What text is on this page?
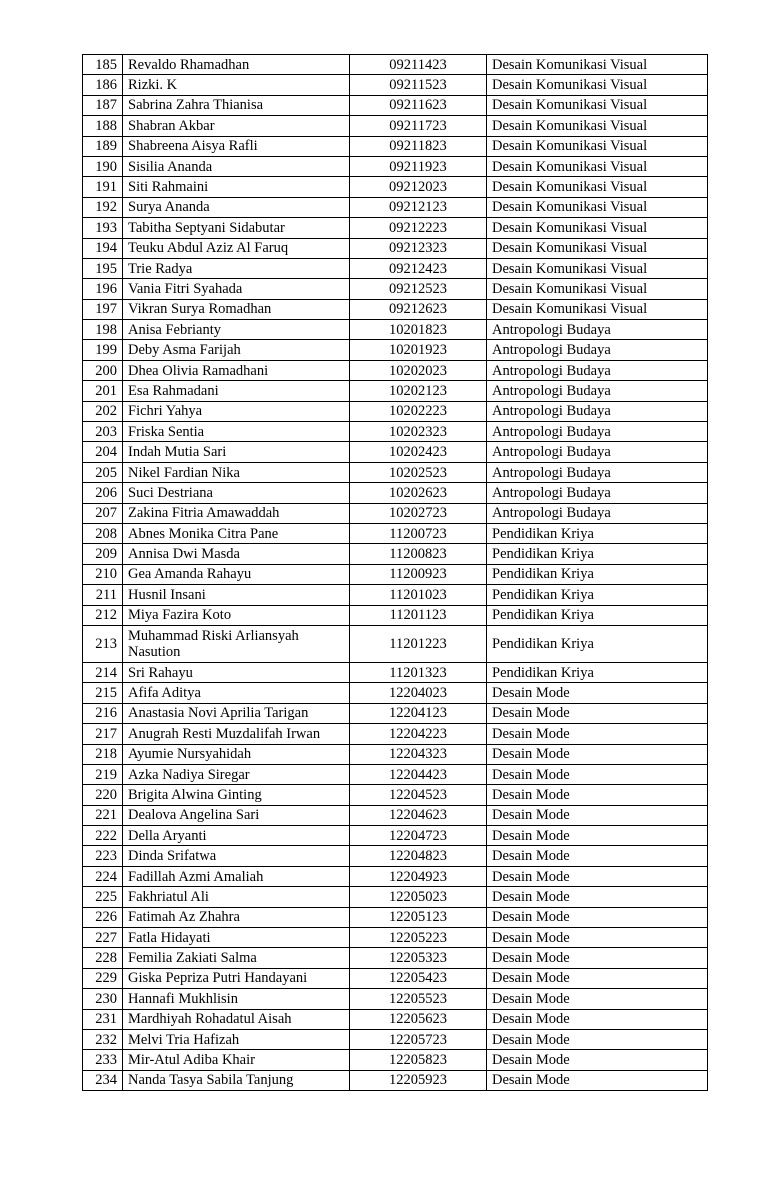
185	Revaldo Rhamadhan	09211423	Desain Komunikasi Visual
186	Rizki. K	09211523	Desain Komunikasi Visual
187	Sabrina Zahra Thianisa	09211623	Desain Komunikasi Visual
188	Shabran Akbar	09211723	Desain Komunikasi Visual
189	Shabreena Aisya Rafli	09211823	Desain Komunikasi Visual
190	Sisilia Ananda	09211923	Desain Komunikasi Visual
191	Siti Rahmaini	09212023	Desain Komunikasi Visual
192	Surya Ananda	09212123	Desain Komunikasi Visual
193	Tabitha Septyani Sidabutar	09212223	Desain Komunikasi Visual
194	Teuku Abdul Aziz Al Faruq	09212323	Desain Komunikasi Visual
195	Trie Radya	09212423	Desain Komunikasi Visual
196	Vania Fitri Syahada	09212523	Desain Komunikasi Visual
197	Vikran Surya Romadhan	09212623	Desain Komunikasi Visual
198	Anisa Febrianty	10201823	Antropologi Budaya
199	Deby Asma Farijah	10201923	Antropologi Budaya
200	Dhea Olivia Ramadhani	10202023	Antropologi Budaya
201	Esa Rahmadani	10202123	Antropologi Budaya
202	Fichri Yahya	10202223	Antropologi Budaya
203	Friska Sentia	10202323	Antropologi Budaya
204	Indah Mutia Sari	10202423	Antropologi Budaya
205	Nikel Fardian Nika	10202523	Antropologi Budaya
206	Suci Destriana	10202623	Antropologi Budaya
207	Zakina Fitria Amawaddah	10202723	Antropologi Budaya
208	Abnes Monika Citra Pane	11200723	Pendidikan Kriya
209	Annisa Dwi Masda	11200823	Pendidikan Kriya
210	Gea Amanda Rahayu	11200923	Pendidikan Kriya
211	Husnil Insani	11201023	Pendidikan Kriya
212	Miya Fazira Koto	11201123	Pendidikan Kriya
213	Muhammad Riski Arliansyah Nasution	11201223	Pendidikan Kriya
214	Sri Rahayu	11201323	Pendidikan Kriya
215	Afifa Aditya	12204023	Desain Mode
216	Anastasia Novi Aprilia Tarigan	12204123	Desain Mode
217	Anugrah Resti Muzdalifah Irwan	12204223	Desain Mode
218	Ayumie Nursyahidah	12204323	Desain Mode
219	Azka Nadiya Siregar	12204423	Desain Mode
220	Brigita Alwina Ginting	12204523	Desain Mode
221	Dealova Angelina Sari	12204623	Desain Mode
222	Della Aryanti	12204723	Desain Mode
223	Dinda Srifatwa	12204823	Desain Mode
224	Fadillah Azmi Amaliah	12204923	Desain Mode
225	Fakhriatul Ali	12205023	Desain Mode
226	Fatimah Az Zhahra	12205123	Desain Mode
227	Fatla Hidayati	12205223	Desain Mode
228	Femilia Zakiati Salma	12205323	Desain Mode
229	Giska Pepriza Putri Handayani	12205423	Desain Mode
230	Hannafi Mukhlisin	12205523	Desain Mode
231	Mardhiyah Rohadatul Aisah	12205623	Desain Mode
232	Melvi Tria Hafizah	12205723	Desain Mode
233	Mir-Atul Adiba Khair	12205823	Desain Mode
234	Nanda Tasya Sabila Tanjung	12205923	Desain Mode
